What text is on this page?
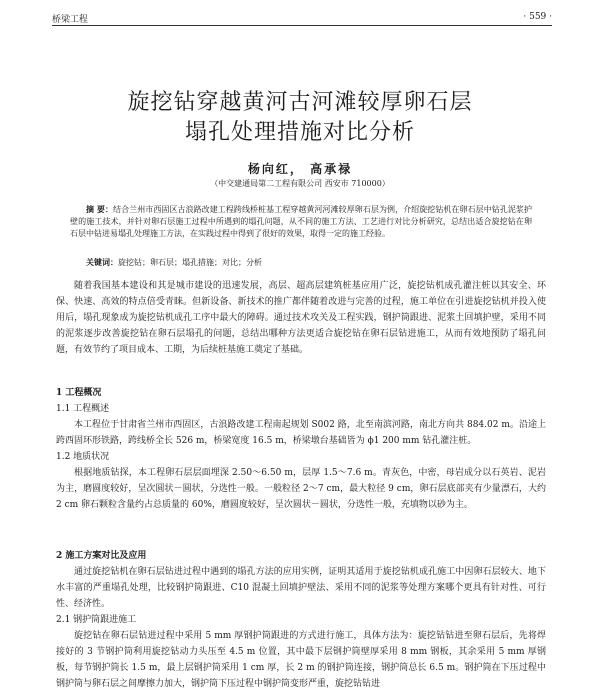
桥梁工程	· 559 ·
旋挖钻穿越黄河古河滩较厚卵石层
塌孔处理措施对比分析
杨向红， 高承禄
（中交建通局第二工程有限公司 西安市 710000）
摘 要：结合兰州市西固区古浪路改建工程跨线桥桩基工程穿越黄河河滩较厚卵石层为例，介绍旋挖钻机在卵石层中钻孔泥浆护壁的施工技术，并针对卵石层施工过程中所遇到的塌孔问题，从不同的施工方法、工艺进行对比分析研究，总结出适合旋挖钻在卵石层中钻进易塌孔处理施工方法，在实践过程中得到了很好的效果，取得一定的施工经验。
关键词：旋挖钻；卵石层；塌孔措施；对比；分析
随着我国基本建设和其是城市建设的迅速发展，高层、超高层建筑桩基应用广泛，旋挖钻机成孔灌注桩以其安全、环保、快速、高效的特点倍受青睐。但新设备、新技术的推广都伴随着改进与完善的过程，施工单位在引进旋挖钻机并投入使用后，塌孔现象成为旋挖钻机成孔工序中最大的障碍。通过技术攻关及工程实践，钢护筒跟进、泥浆土回填护壁，采用不同的泥浆逐步改善旋挖钻在卵石层塌孔的问题，总结出哪种方法更适合旋挖钻在卵石层钻进施工，从而有效地预防了塌孔问题，有效节约了项目成本、工期，为后续桩基施工奠定了基础。
1 工程概况
1.1 工程概述
本工程位于甘肃省兰州市西固区，古浪路改建工程南起规划 S002 路，北至南滨河路，南北方向共 884.02 m。沿途上跨西固环形铁路，跨线桥全长 526 m，桥梁宽度 16.5 m，桥梁墩台基础皆为 ϕ1 200 mm 钻孔灌注桩。
1.2 地质状况
根据地质钻探，本工程卵石层层面埋深 2.50～6.50 m，层厚 1.5～7.6 m。青灰色，中密，母岩成分以石英岩、泥岩为主，磨圆度较好，呈次圆状－圆状，分选性一般。一般粒径 2～7 cm，最大粒径 9 cm，卵石层底部夹有少量漂石，大约 2 cm 卵石颗粒含量约占总质量的 60%，磨圆度较好，呈次圆状－圆状，分选性一般，充填物以砂为主。
2 施工方案对比及应用
通过旋挖钻机在卵石层钻进过程中遇到的塌孔方法的应用实例，证明其适用于旋挖钻机成孔施工中因卵石层较大、地下水丰富的严重塌孔处理，比较钢护筒跟进、C10 混凝土回填护壁法、采用不同的泥浆等处理方案哪个更具有针对性、可行性、经济性。
2.1 钢护筒跟进施工
旋挖钻在卵石层钻进过程中采用 5 mm 厚钢护筒跟进的方式进行施工，具体方法为：旋挖钻钻进至卵石层后，先将焊接好的 3 节钢护筒利用旋挖钻动力头压至 4.5 m 位置，其中最下层钢护筒壁厚采用 8 mm 钢板，其余采用 5 mm 厚钢板，每节钢护筒长 1.5 m，最上层钢护筒采用 1 cm 厚，长 2 m 的钢护筒连接，钢护筒总长 6.5 m。钢护筒在下压过程中钢护筒与卵石层之间摩擦力加大，钢护筒下压过程中钢护筒变形严重，旋挖钻钻进
